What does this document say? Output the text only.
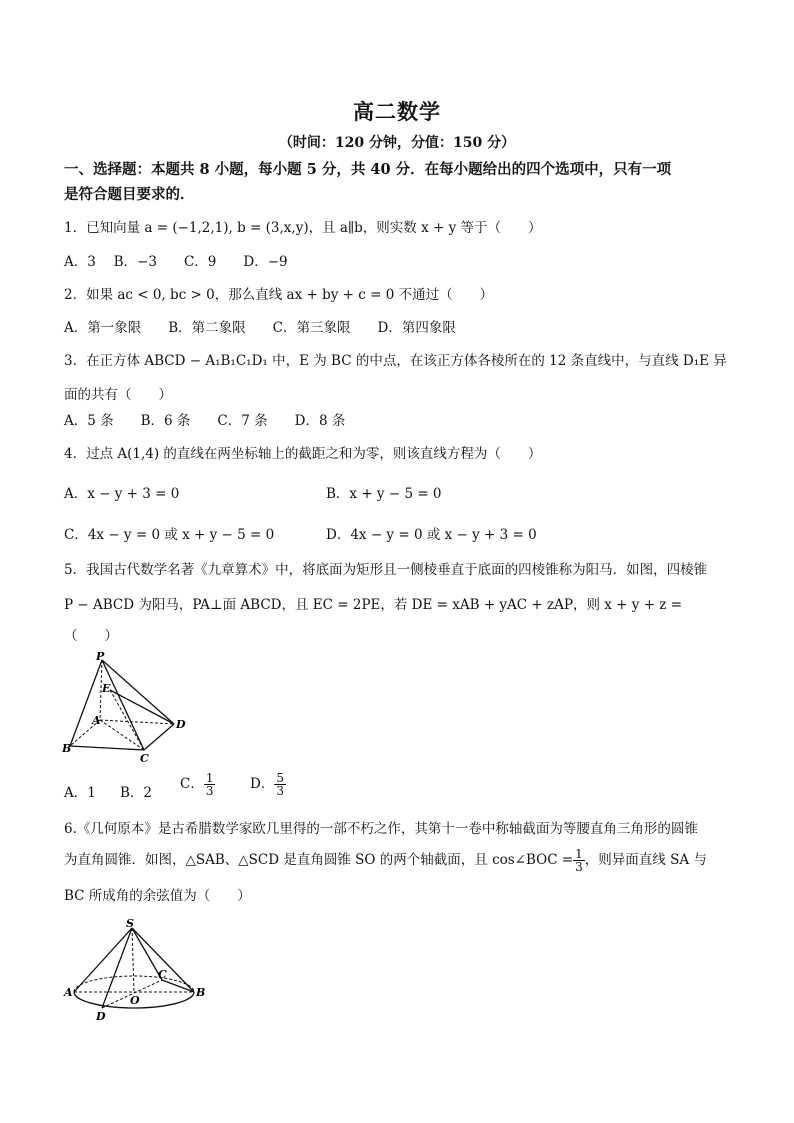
高二数学
（时间：120 分钟，分值：150 分）
一、选择题：本题共 8 小题，每小题 5 分，共 40 分．在每小题给出的四个选项中，只有一项
是符合题目要求的．
1．已知向量 a = (−1,2,1), b = (3,x,y)，且 a∥b，则实数 x + y 等于（　　）
A．3　 B．−3　　C．9　　D．−9
2．如果 ac < 0, bc > 0，那么直线 ax + by + c = 0 不通过（　　）
A．第一象限　　B．第二象限　　C．第三象限　　D．第四象限
3．在正方体 ABCD − A₁B₁C₁D₁ 中，E 为 BC 的中点，在该正方体各棱所在的 12 条直线中，与直线 D₁E 异
面的共有（　　）
A．5 条　　B．6 条　　C．7 条　　D．8 条
4．过点 A(1,4) 的直线在两坐标轴上的截距之和为零，则该直线方程为（　　）
A．x − y + 3 = 0	B．x + y − 5 = 0
C．4x − y = 0 或 x + y − 5 = 0	D．4x − y = 0 或 x − y + 3 = 0
5．我国古代数学名著《九章算术》中，将底面为矩形且一侧棱垂直于底面的四棱锥称为阳马．如图，四棱锥
P − ABCD 为阳马，PA⊥面 ABCD，且 EC = 2PE，若 DE = xAB + yAC + zAP，则 x + y + z =
（　　）
P
E
A	D
B
C
A．1 B．2
C． $\frac{1}{3}$	D． $\frac{5}{3}$
6.《几何原本》是古希腊数学家欧几里得的一部不朽之作，其第十一卷中称轴截面为等腰直角三角形的圆锥
为直角圆锥．如图，△SAB、△SCD 是直角圆锥 SO 的两个轴截面，且 cos∠BOC = $\frac{1}{3}$ ，则异面直线 SA 与
BC 所成角的余弦值为（　　）
S
A
O
C
B
D
